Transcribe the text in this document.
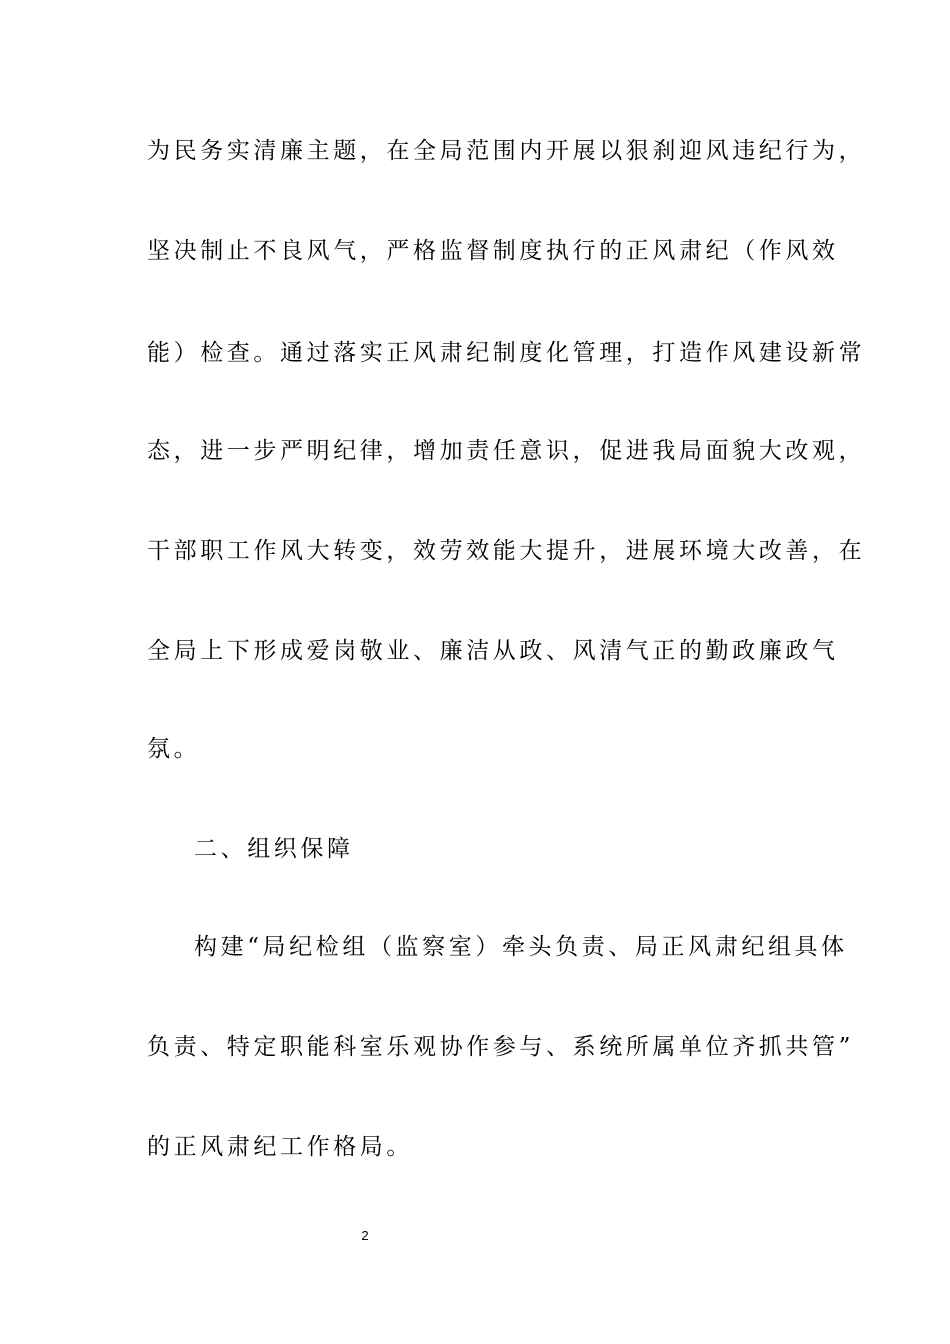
为民务实清廉主题，在全局范围内开展以狠刹迎风违纪行为，
坚决制止不良风气，严格监督制度执行的正风肃纪（作风效
能）检查。通过落实正风肃纪制度化管理，打造作风建设新常
态，进一步严明纪律，增加责任意识，促进我局面貌大改观，
干部职工作风大转变，效劳效能大提升，进展环境大改善，在
全局上下形成爱岗敬业、廉洁从政、风清气正的勤政廉政气
氛。
二、组织保障
构建“局纪检组（监察室）牵头负责、局正风肃纪组具体
负责、特定职能科室乐观协作参与、系统所属单位齐抓共管”
的正风肃纪工作格局。
2
